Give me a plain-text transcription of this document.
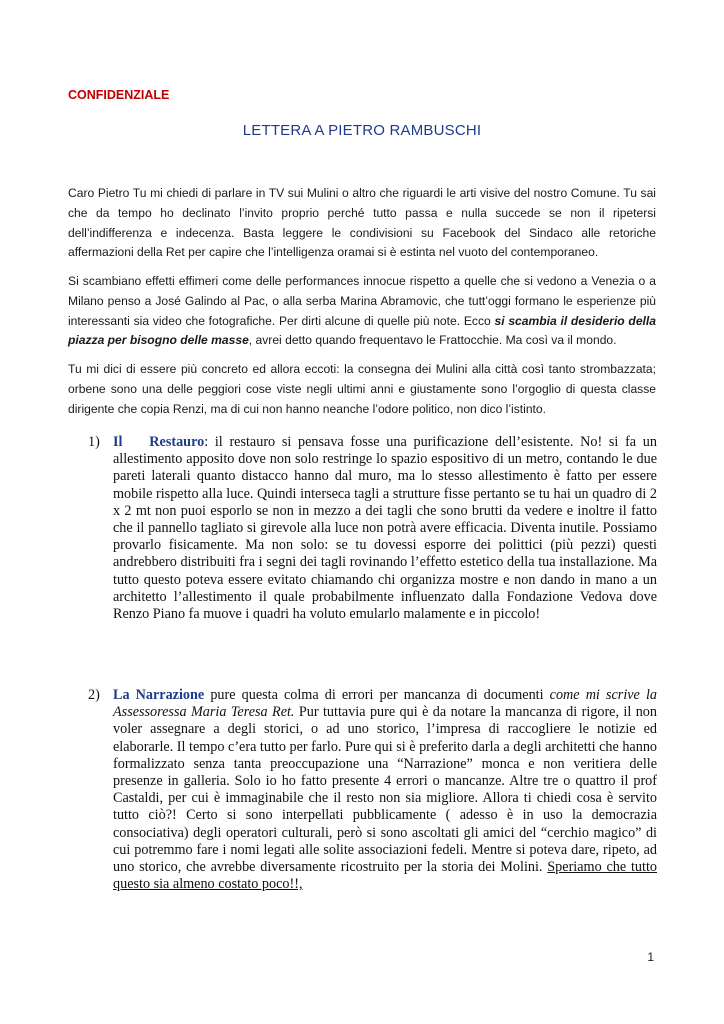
CONFIDENZIALE
LETTERA A PIETRO RAMBUSCHI

Caro Pietro Tu mi chiedi di parlare in TV sui Mulini o altro che riguardi le arti visive del nostro Comune. Tu sai che da tempo ho declinato l’invito proprio perché tutto passa e nulla succede se non il ripetersi dell’indifferenza e indecenza. Basta leggere le condivisioni su Facebook del Sindaco alle retoriche affermazioni della Ret per capire che l’intelligenza oramai si è estinta nel vuoto del contemporaneo.

Si scambiano effetti effimeri come delle performances innocue rispetto a quelle che si vedono a Venezia o a Milano penso a José Galindo al Pac, o alla serba Marina Abramovic, che tutt’oggi formano le esperienze più interessanti sia video che fotografiche. Per dirti alcune di quelle più note. Ecco si scambia il desiderio della piazza per bisogno delle masse, avrei detto quando frequentavo le Frattocchie. Ma così va il mondo.

Tu mi dici di essere più concreto ed allora eccoti: la consegna dei Mulini alla città così tanto strombazzata; orbene sono una delle peggiori cose viste negli ultimi anni e giustamente sono l’orgoglio di questa classe dirigente che copia Renzi, ma di cui non hanno neanche l’odore politico, non dico l’istinto.

1) Il    Restauro: il restauro si pensava fosse una purificazione dell’esistente. No! si fa un allestimento apposito dove non solo restringe lo spazio espositivo di un metro, contando le due pareti laterali quanto distacco hanno dal muro, ma lo stesso allestimento è fatto per essere mobile rispetto alla luce. Quindi interseca tagli a strutture fisse pertanto se tu hai un quadro di 2 x 2 mt non puoi esporlo se non in mezzo a dei tagli che sono brutti da vedere e inoltre il fatto che il pannello tagliato si girevole alla luce non potrà avere efficacia. Diventa inutile. Possiamo provarlo fisicamente. Ma non solo: se tu dovessi esporre dei polittici (più pezzi) questi andrebbero distribuiti fra i segni dei tagli rovinando l’effetto estetico della tua installazione. Ma tutto questo poteva essere evitato chiamando chi organizza mostre e non dando in mano a un architetto l’allestimento il quale probabilmente influenzato dalla Fondazione Vedova dove Renzo Piano fa muove i quadri ha voluto emularlo malamente e in piccolo!
2) La Narrazione pure questa colma di errori per mancanza di documenti come mi scrive la Assessoressa Maria Teresa Ret. Pur tuttavia pure qui è da notare la mancanza di rigore, il non voler assegnare a degli storici, o ad uno storico, l’impresa di raccogliere le notizie ed elaborarle. Il tempo c’era tutto per farlo. Pure qui si è preferito darla a degli architetti che hanno formalizzato senza tanta preoccupazione una “Narrazione” monca e non veritiera delle presenze in galleria. Solo io ho fatto presente 4 errori o mancanze. Altre tre o quattro il prof Castaldi, per cui è immaginabile che il resto non sia migliore. Allora ti chiedi cosa è servito tutto ciò?! Certo si sono interpellati pubblicamente ( adesso è in uso la democrazia consociativa) degli operatori culturali, però si sono ascoltati gli amici del “cerchio magico” di cui potremmo fare i nomi legati alle solite associazioni fedeli. Mentre si poteva dare, ripeto, ad uno storico, che avrebbe diversamente ricostruito per la storia dei Molini. Speriamo che tutto questo sia almeno costato poco!!,
1
